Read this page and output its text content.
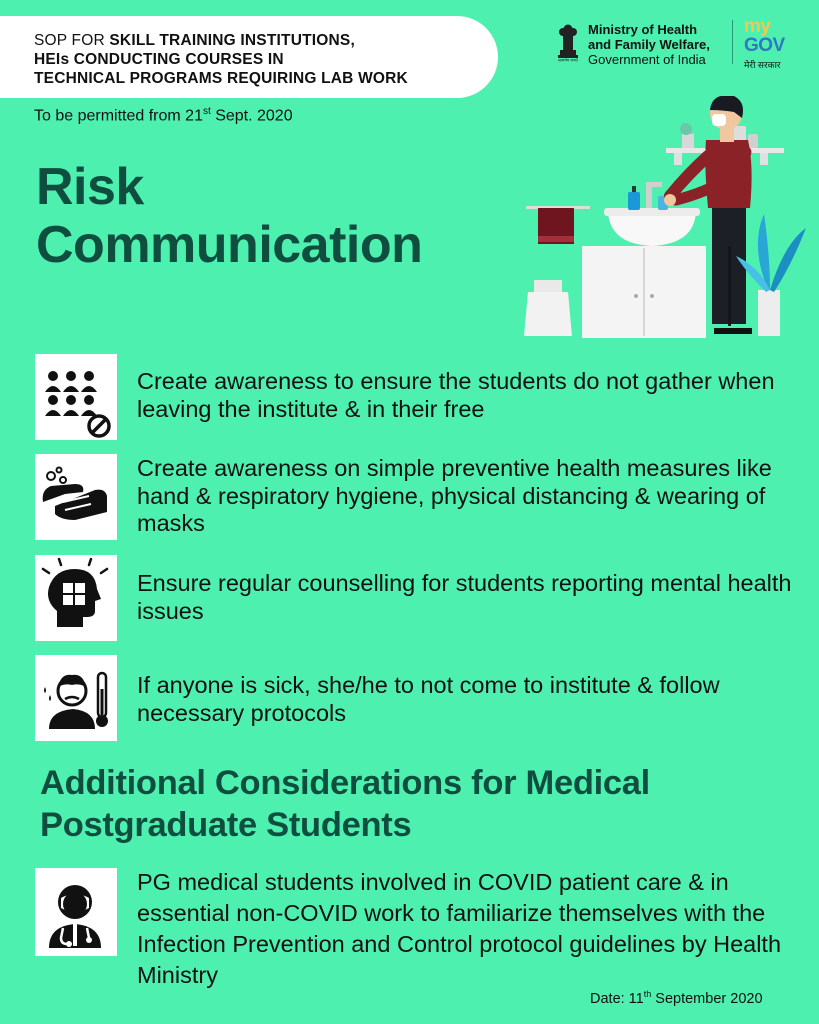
SOP FOR SKILL TRAINING INSTITUTIONS,
HEIs CONDUCTING COURSES IN
TECHNICAL PROGRAMS REQUIRING LAB WORK
To be permitted from 21st Sept. 2020
सत्यमेव जयते
Ministry of Health
and Family Welfare,
Government of India
my
GOV
मेरी सरकार
Risk
Communication
Create awareness to ensure the students do not gather when leaving the institute & in their free
Create awareness on simple preventive health measures like hand & respiratory hygiene, physical distancing & wearing of masks
Ensure regular counselling for students reporting mental health issues
If anyone is sick, she/he to not come to institute & follow necessary protocols
Additional Considerations for Medical
Postgraduate Students
PG medical students involved in COVID patient care & in essential non-COVID work to familiarize themselves with the Infection Prevention and Control protocol guidelines by Health Ministry
Date: 11th September 2020
